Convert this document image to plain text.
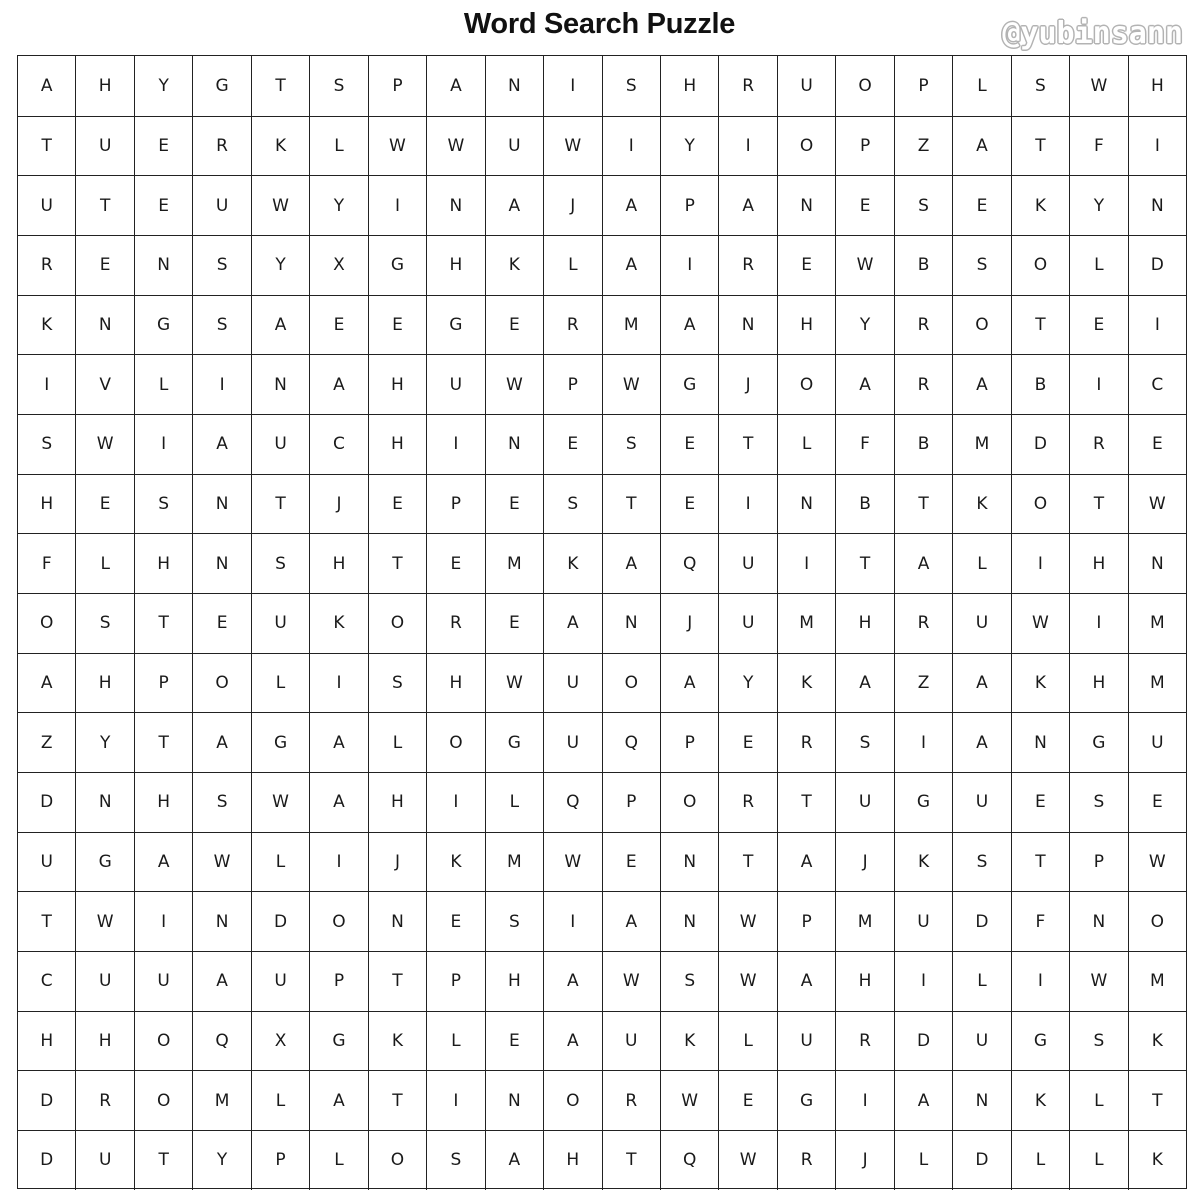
Word Search Puzzle	@yubinsann
A	H	Y	G	T	S	P	A	N	I	S	H	R	U	O	P	L	S	W	H
T	U	E	R	K	L	W	W	U	W	I	Y	I	O	P	Z	A	T	F	I
U	T	E	U	W	Y	I	N	A	J	A	P	A	N	E	S	E	K	Y	N
R	E	N	S	Y	X	G	H	K	L	A	I	R	E	W	B	S	O	L	D
K	N	G	S	A	E	E	G	E	R	M	A	N	H	Y	R	O	T	E	I
I	V	L	I	N	A	H	U	W	P	W	G	J	O	A	R	A	B	I	C
S	W	I	A	U	C	H	I	N	E	S	E	T	L	F	B	M	D	R	E
H	E	S	N	T	J	E	P	E	S	T	E	I	N	B	T	K	O	T	W
F	L	H	N	S	H	T	E	M	K	A	Q	U	I	T	A	L	I	H	N
O	S	T	E	U	K	O	R	E	A	N	J	U	M	H	R	U	W	I	M
A	H	P	O	L	I	S	H	W	U	O	A	Y	K	A	Z	A	K	H	M
Z	Y	T	A	G	A	L	O	G	U	Q	P	E	R	S	I	A	N	G	U
D	N	H	S	W	A	H	I	L	Q	P	O	R	T	U	G	U	E	S	E
U	G	A	W	L	I	J	K	M	W	E	N	T	A	J	K	S	T	P	W
T	W	I	N	D	O	N	E	S	I	A	N	W	P	M	U	D	F	N	O
C	U	U	A	U	P	T	P	H	A	W	S	W	A	H	I	L	I	W	M
H	H	O	Q	X	G	K	L	E	A	U	K	L	U	R	D	U	G	S	K
D	R	O	M	L	A	T	I	N	O	R	W	E	G	I	A	N	K	L	T
D	U	T	Y	P	L	O	S	A	H	T	Q	W	R	J	L	D	L	L	K
